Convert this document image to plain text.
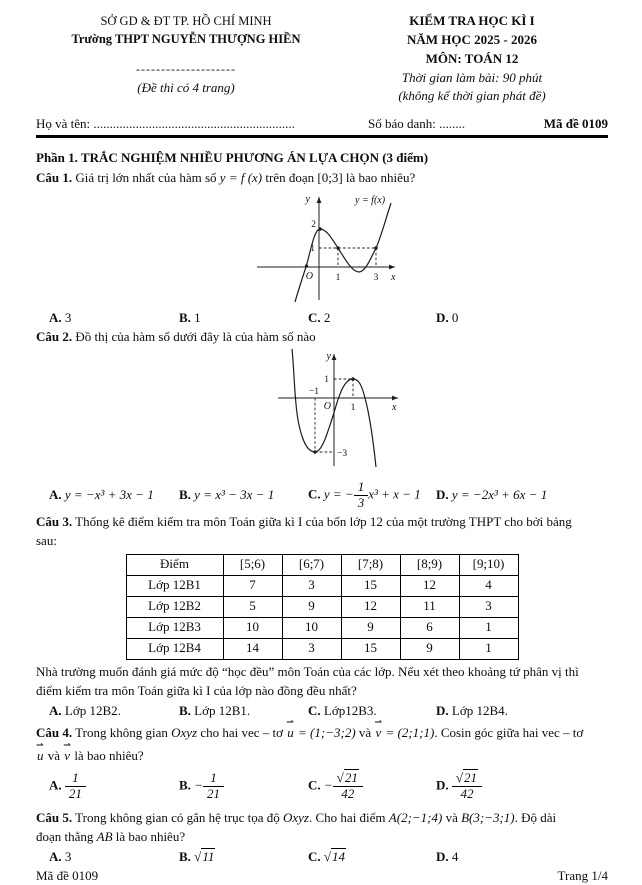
SỞ GD & ĐT TP. HỒ CHÍ MINH
Trường THPT NGUYỄN THƯỢNG HIỀN
--------------------
(Đề thi có 4 trang)
KIỂM TRA HỌC KÌ I
NĂM HỌC 2025 - 2026
MÔN: TOÁN 12
Thời gian làm bài: 90 phút
(không kể thời gian phát đề)
Họ và tên: ..............................................................	Số báo danh: ........	Mã đề 0109
Phần 1. TRẮC NGHIỆM NHIỀU PHƯƠNG ÁN LỰA CHỌN (3 điểm)
Câu 1. Giá trị lớn nhất của hàm số y = f (x) trên đoạn [0;3] là bao nhiêu?
y	y = f(x)
2
1
O 1	3 x
A. 3	B. 1	C. 2	D. 0
Câu 2. Đồ thị của hàm số dưới đây là của hàm số nào
y
−1
1
O 1
−3
x
A. y = −x³ + 3x − 1	B. y = x³ − 3x − 1	C. y = − $\frac{1}{3} x^3 + x - 1$	D. y = −2x³ + 6x − 1
Câu 3. Thống kê điểm kiểm tra môn Toán giữa kì I của bốn lớp 12 của một trường THPT cho bởi bảng
sau:
Điểm	[5;6)	[6;7)	[7;8)	[8;9)	[9;10)
Lớp 12B1	7	3	15	12	4
Lớp 12B2	5	9	12	11	3
Lớp 12B3	10	10	9	6	1
Lớp 12B4	14	3	15	9	1
Nhà trường muốn đánh giá mức độ “học đều” môn Toán của các lớp. Nếu xét theo khoảng tứ phân vị thì
điểm kiểm tra môn Toán giữa kì I của lớp nào đồng đều nhất?
A. Lớp 12B2.	B. Lớp 12B1.	C. Lớp12B3.	D. Lớp 12B4.
Câu 4. Trong không gian Oxyz cho hai vec – tơ
⇀
u = (1;−3;2) và
⇀
v = (2;1;1). Cosin góc giữa hai vec – tơ
⇀
u và
⇀
v là bao nhiêu?
A. $\frac{1}{21}$	B. − $\frac{1}{21}$	C. − $\frac{√21}{42}$	D. $\frac{√21}{42}$
Câu 5. Trong không gian có gắn hệ trục tọa độ Oxyz. Cho hai điểm A(2;−1;4) và B(3;−3;1). Độ dài
đoạn thẳng AB là bao nhiêu?
A. 3	B. √11	C. √14	D. 4
Mã đề 0109	Trang 1/4
